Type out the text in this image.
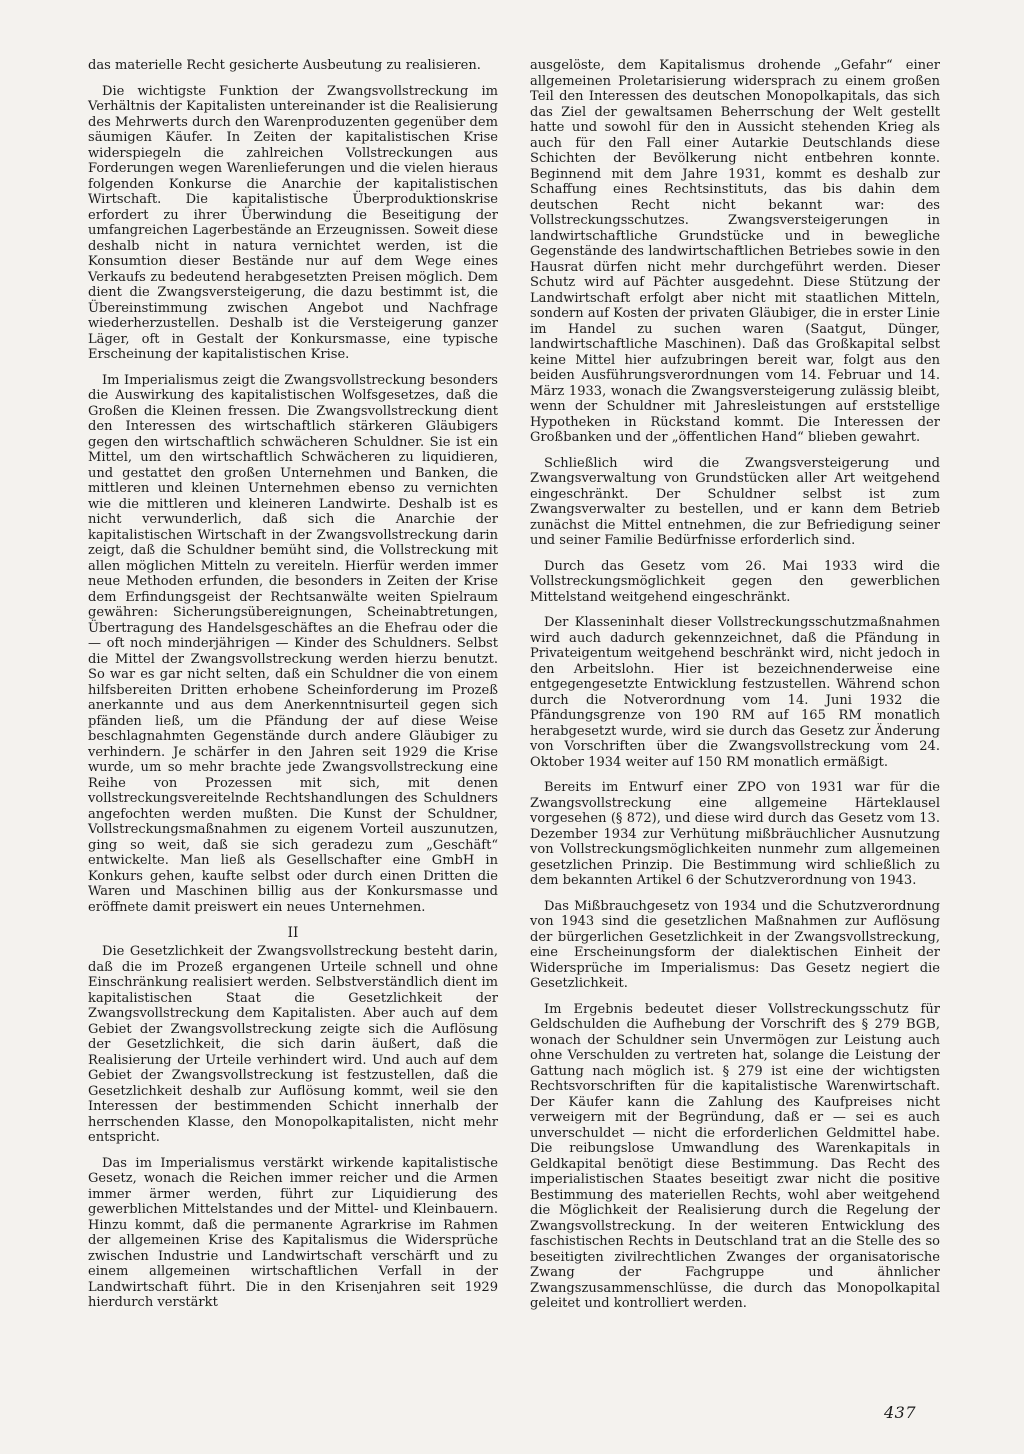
das materielle Recht gesicherte Ausbeutung zu realisieren.

Die wichtigste Funktion der Zwangsvollstreckung im Verhältnis der Kapitalisten untereinander ist die Realisierung des Mehrwerts durch den Warenproduzenten gegenüber dem säumigen Käufer. In Zeiten der kapitalistischen Krise widerspiegeln die zahlreichen Vollstreckungen aus Forderungen wegen Warenlieferungen und die vielen hieraus folgenden Konkurse die Anarchie der kapitalistischen Wirtschaft. Die kapitalistische Überproduktionskrise erfordert zu ihrer Überwindung die Beseitigung der umfangreichen Lagerbestände an Erzeugnissen. Soweit diese deshalb nicht in natura vernichtet werden, ist die Konsumtion dieser Bestände nur auf dem Wege eines Verkaufs zu bedeutend herabgesetzten Preisen möglich. Dem dient die Zwangsversteigerung, die dazu bestimmt ist, die Übereinstimmung zwischen Angebot und Nachfrage wiederherzustellen. Deshalb ist die Versteigerung ganzer Läger, oft in Gestalt der Konkursmasse, eine typische Erscheinung der kapitalistischen Krise.

Im Imperialismus zeigt die Zwangsvollstreckung besonders die Auswirkung des kapitalistischen Wolfsgesetzes, daß die Großen die Kleinen fressen. Die Zwangsvollstreckung dient den Interessen des wirtschaftlich stärkeren Gläubigers gegen den wirtschaftlich schwächeren Schuldner. Sie ist ein Mittel, um den wirtschaftlich Schwächeren zu liquidieren, und gestattet den großen Unternehmen und Banken, die mittleren und kleinen Unternehmen ebenso zu vernichten wie die mittleren und kleineren Landwirte. Deshalb ist es nicht verwunderlich, daß sich die Anarchie der kapitalistischen Wirtschaft in der Zwangsvollstreckung darin zeigt, daß die Schuldner bemüht sind, die Vollstreckung mit allen möglichen Mitteln zu vereiteln. Hierfür werden immer neue Methoden erfunden, die besonders in Zeiten der Krise dem Erfindungsgeist der Rechtsanwälte weiten Spielraum gewähren: Sicherungsübereignungen, Scheinabtretungen, Übertragung des Handelsgeschäftes an die Ehefrau oder die — oft noch minderjährigen — Kinder des Schuldners. Selbst die Mittel der Zwangsvollstreckung werden hierzu benutzt. So war es gar nicht selten, daß ein Schuldner die von einem hilfsbereiten Dritten erhobene Scheinforderung im Prozeß anerkannte und aus dem Anerkenntnisurteil gegen sich pfänden ließ, um die Pfändung der auf diese Weise beschlagnahmten Gegenstände durch andere Gläubiger zu verhindern. Je schärfer in den Jahren seit 1929 die Krise wurde, um so mehr brachte jede Zwangsvollstreckung eine Reihe von Prozessen mit sich, mit denen vollstreckungsvereitelnde Rechtshandlungen des Schuldners angefochten werden mußten. Die Kunst der Schuldner, Vollstreckungsmaßnahmen zu eigenem Vorteil auszunutzen, ging so weit, daß sie sich geradezu zum „Geschäft“ entwickelte. Man ließ als Gesellschafter eine GmbH in Konkurs gehen, kaufte selbst oder durch einen Dritten die Waren und Maschinen billig aus der Konkursmasse und eröffnete damit preiswert ein neues Unternehmen.

II

Die Gesetzlichkeit der Zwangsvollstreckung besteht darin, daß die im Prozeß ergangenen Urteile schnell und ohne Einschränkung realisiert werden. Selbstverständlich dient im kapitalistischen Staat die Gesetzlichkeit der Zwangsvollstreckung dem Kapitalisten. Aber auch auf dem Gebiet der Zwangsvollstreckung zeigte sich die Auflösung der Gesetzlichkeit, die sich darin äußert, daß die Realisierung der Urteile verhindert wird. Und auch auf dem Gebiet der Zwangsvollstreckung ist festzustellen, daß die Gesetzlichkeit deshalb zur Auflösung kommt, weil sie den Interessen der bestimmenden Schicht innerhalb der herrschenden Klasse, den Monopolkapitalisten, nicht mehr entspricht.

Das im Imperialismus verstärkt wirkende kapitalistische Gesetz, wonach die Reichen immer reicher und die Armen immer ärmer werden, führt zur Liquidierung des gewerblichen Mittelstandes und der Mittel- und Kleinbauern. Hinzu kommt, daß die permanente Agrarkrise im Rahmen der allgemeinen Krise des Kapitalismus die Widersprüche zwischen Industrie und Landwirtschaft verschärft und zu einem allgemeinen wirtschaftlichen Verfall in der Landwirtschaft führt. Die in den Krisenjahren seit 1929 hierdurch verstärkt

ausgelöste, dem Kapitalismus drohende „Gefahr“ einer allgemeinen Proletarisierung widersprach zu einem großen Teil den Interessen des deutschen Monopolkapitals, das sich das Ziel der gewaltsamen Beherrschung der Welt gestellt hatte und sowohl für den in Aussicht stehenden Krieg als auch für den Fall einer Autarkie Deutschlands diese Schichten der Bevölkerung nicht entbehren konnte. Beginnend mit dem Jahre 1931, kommt es deshalb zur Schaffung eines Rechtsinstituts, das bis dahin dem deutschen Recht nicht bekannt war: des Vollstreckungsschutzes. Zwangsversteigerungen in landwirtschaftliche Grundstücke und in bewegliche Gegenstände des landwirtschaftlichen Betriebes sowie in den Hausrat dürfen nicht mehr durchgeführt werden. Dieser Schutz wird auf Pächter ausgedehnt. Diese Stützung der Landwirtschaft erfolgt aber nicht mit staatlichen Mitteln, sondern auf Kosten der privaten Gläubiger, die in erster Linie im Handel zu suchen waren (Saatgut, Dünger, landwirtschaftliche Maschinen). Daß das Großkapital selbst keine Mittel hier aufzubringen bereit war, folgt aus den beiden Ausführungsverordnungen vom 14. Februar und 14. März 1933, wonach die Zwangsversteigerung zulässig bleibt, wenn der Schuldner mit Jahresleistungen auf erststellige Hypotheken in Rückstand kommt. Die Interessen der Großbanken und der „öffentlichen Hand“ blieben gewahrt.

Schließlich wird die Zwangsversteigerung und Zwangsverwaltung von Grundstücken aller Art weitgehend eingeschränkt. Der Schuldner selbst ist zum Zwangsverwalter zu bestellen, und er kann dem Betrieb zunächst die Mittel entnehmen, die zur Befriedigung seiner und seiner Familie Bedürfnisse erforderlich sind.

Durch das Gesetz vom 26. Mai 1933 wird die Vollstreckungsmöglichkeit gegen den gewerblichen Mittelstand weitgehend eingeschränkt.

Der Klasseninhalt dieser Vollstreckungsschutzmaßnahmen wird auch dadurch gekennzeichnet, daß die Pfändung in Privateigentum weitgehend beschränkt wird, nicht jedoch in den Arbeitslohn. Hier ist bezeichnenderweise eine entgegengesetzte Entwicklung festzustellen. Während schon durch die Notverordnung vom 14. Juni 1932 die Pfändungsgrenze von 190 RM auf 165 RM monatlich herabgesetzt wurde, wird sie durch das Gesetz zur Änderung von Vorschriften über die Zwangsvollstreckung vom 24. Oktober 1934 weiter auf 150 RM monatlich ermäßigt.

Bereits im Entwurf einer ZPO von 1931 war für die Zwangsvollstreckung eine allgemeine Härteklausel vorgesehen (§ 872), und diese wird durch das Gesetz vom 13. Dezember 1934 zur Verhütung mißbräuchlicher Ausnutzung von Vollstreckungsmöglichkeiten nunmehr zum allgemeinen gesetzlichen Prinzip. Die Bestimmung wird schließlich zu dem bekannten Artikel 6 der Schutzverordnung von 1943.

Das Mißbrauchgesetz von 1934 und die Schutzverordnung von 1943 sind die gesetzlichen Maßnahmen zur Auflösung der bürgerlichen Gesetzlichkeit in der Zwangsvollstreckung, eine Erscheinungsform der dialektischen Einheit der Widersprüche im Imperialismus: Das Gesetz negiert die Gesetzlichkeit.

Im Ergebnis bedeutet dieser Vollstreckungsschutz für Geldschulden die Aufhebung der Vorschrift des § 279 BGB, wonach der Schuldner sein Unvermögen zur Leistung auch ohne Verschulden zu vertreten hat, solange die Leistung der Gattung nach möglich ist. § 279 ist eine der wichtigsten Rechtsvorschriften für die kapitalistische Warenwirtschaft. Der Käufer kann die Zahlung des Kaufpreises nicht verweigern mit der Begründung, daß er — sei es auch unverschuldet — nicht die erforderlichen Geldmittel habe. Die reibungslose Umwandlung des Warenkapitals in Geldkapital benötigt diese Bestimmung. Das Recht des imperialistischen Staates beseitigt zwar nicht die positive Bestimmung des materiellen Rechts, wohl aber weitgehend die Möglichkeit der Realisierung durch die Regelung der Zwangsvollstreckung. In der weiteren Entwicklung des faschistischen Rechts in Deutschland trat an die Stelle des so beseitigten zivilrechtlichen Zwanges der organisatorische Zwang der Fachgruppe und ähnlicher Zwangszusammenschlüsse, die durch das Monopolkapital geleitet und kontrolliert werden.

437
